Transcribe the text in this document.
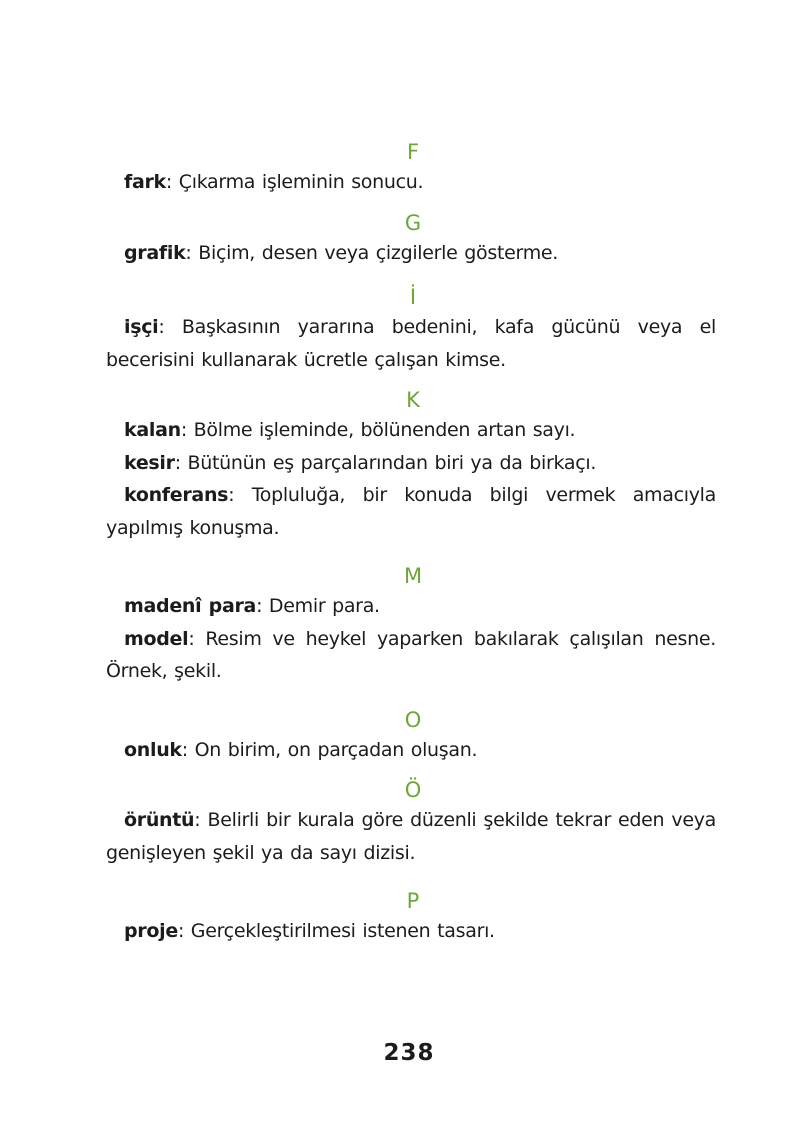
F

fark: Çıkarma işleminin sonucu.

G

grafik: Biçim, desen veya çizgilerle gösterme.

İ

işçi: Başkasının yararına bedenini, kafa gücünü veya el becerisini kullanarak ücretle çalışan kimse.

K

kalan: Bölme işleminde, bölünenden artan sayı.

kesir: Bütünün eş parçalarından biri ya da birkaçı.

konferans: Topluluğa, bir konuda bilgi vermek amacıyla yapılmış konuşma.

M

madenî para: Demir para.

model: Resim ve heykel yaparken bakılarak çalışılan nesne. Örnek, şekil.

O

onluk: On birim, on parçadan oluşan.

Ö

örüntü: Belirli bir kurala göre düzenli şekilde tekrar eden veya genişleyen şekil ya da sayı dizisi.

P

proje: Gerçekleştirilmesi istenen tasarı.

238
